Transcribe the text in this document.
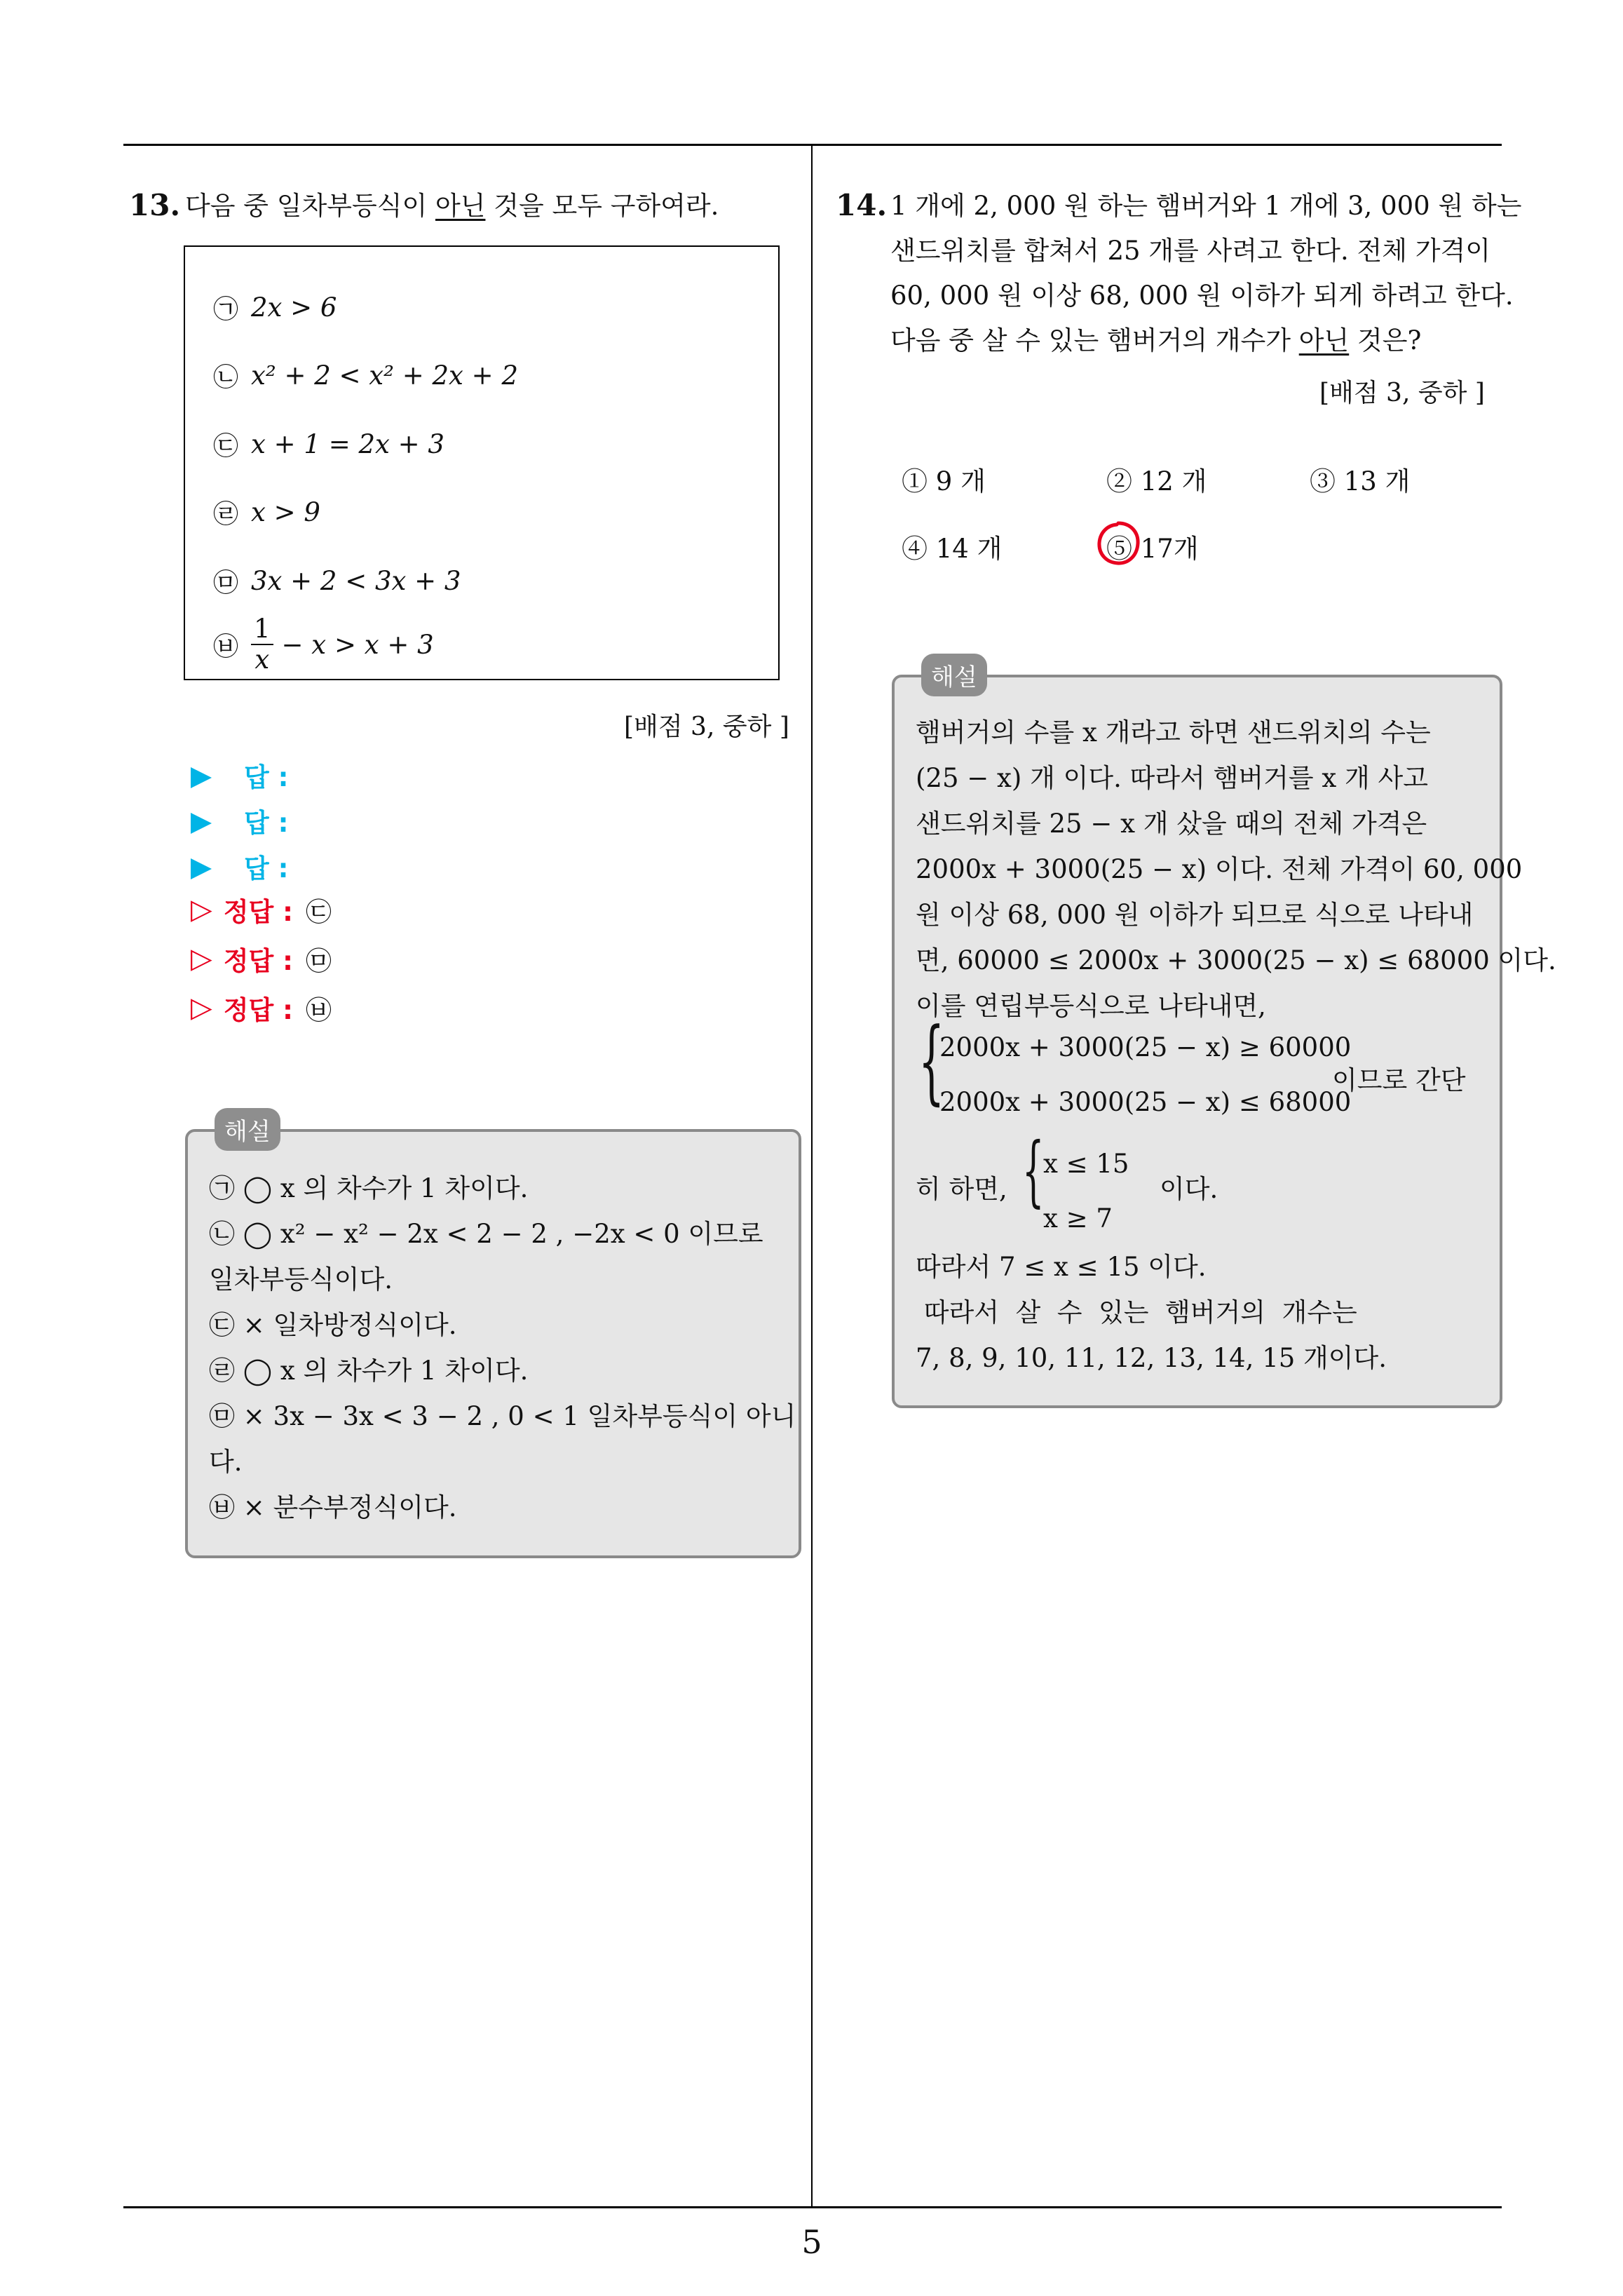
13. 다음 중 일차부등식이 아닌 것을 모두 구하여라.
㉠ 2x > 6
㉡ x² + 2 < x² + 2x + 2
㉢ x + 1 = 2x + 3
㉣ x > 9
㉤ 3x + 2 < 3x + 3
㉥ $\frac{1}{x} - x > x + 3$
[배점 3, 중하 ]
답 :
답 :
답 :
▷ 정답 : ㉢
▷ 정답 : ㉤
▷ 정답 : ㉥
해설
㉠ ◯ x 의 차수가 1 차이다.
㉡ ◯ x² − x² − 2x < 2 − 2 , −2x < 0 이므로
일차부등식이다.
㉢ × 일차방정식이다.
㉣ ◯ x 의 차수가 1 차이다.
㉤ × 3x − 3x < 3 − 2 , 0 < 1 일차부등식이 아니
다.
㉥ × 분수부정식이다.
14. 1 개에 2, 000 원 하는 햄버거와 1 개에 3, 000 원 하는
샌드위치를 합쳐서 25 개를 사려고 한다. 전체 가격이
60, 000 원 이상 68, 000 원 이하가 되게 하려고 한다.
다음 중 살 수 있는 햄버거의 개수가 아닌 것은?
[배점 3, 중하 ]
① 9 개	② 12 개	③ 13 개
④ 14 개	⑤ 17개
해설
햄버거의 수를 x 개라고 하면 샌드위치의 수는
(25 − x) 개 이다. 따라서 햄버거를 x 개 사고
샌드위치를 25 − x 개 샀을 때의 전체 가격은
2000x + 3000(25 − x) 이다. 전체 가격이 60, 000
원 이상 68, 000 원 이하가 되므로 식으로 나타내
면, 60000 ≤ 2000x + 3000(25 − x) ≤ 68000 이다.
이를 연립부등식으로 나타내면,
{
2000x + 3000(25 − x) ≥ 60000
2000x + 3000(25 − x) ≤ 68000
이므로 간단
히 하면, {
x ≤ 15
x ≥ 7
이다.
따라서 7 ≤ x ≤ 15 이다.
따라서  살  수  있는  햄버거의  개수는
7, 8, 9, 10, 11, 12, 13, 14, 15 개이다.
5
